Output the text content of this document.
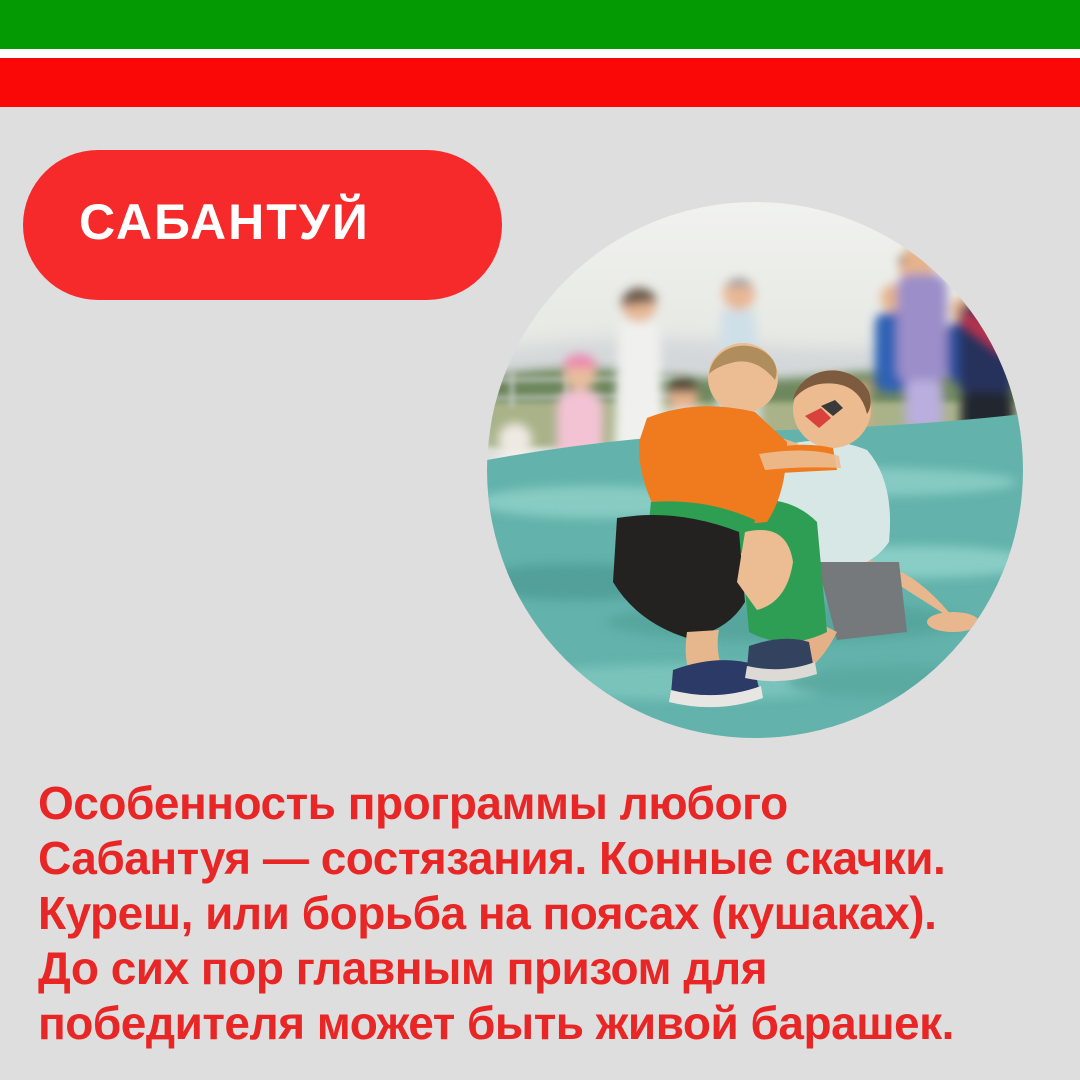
САБАНТУЙ
Особенность программы любого
Сабантуя — состязания. Конные скачки.
Куреш, или борьба на поясах (кушаках).
До сих пор главным призом для
победителя может быть живой барашек.
